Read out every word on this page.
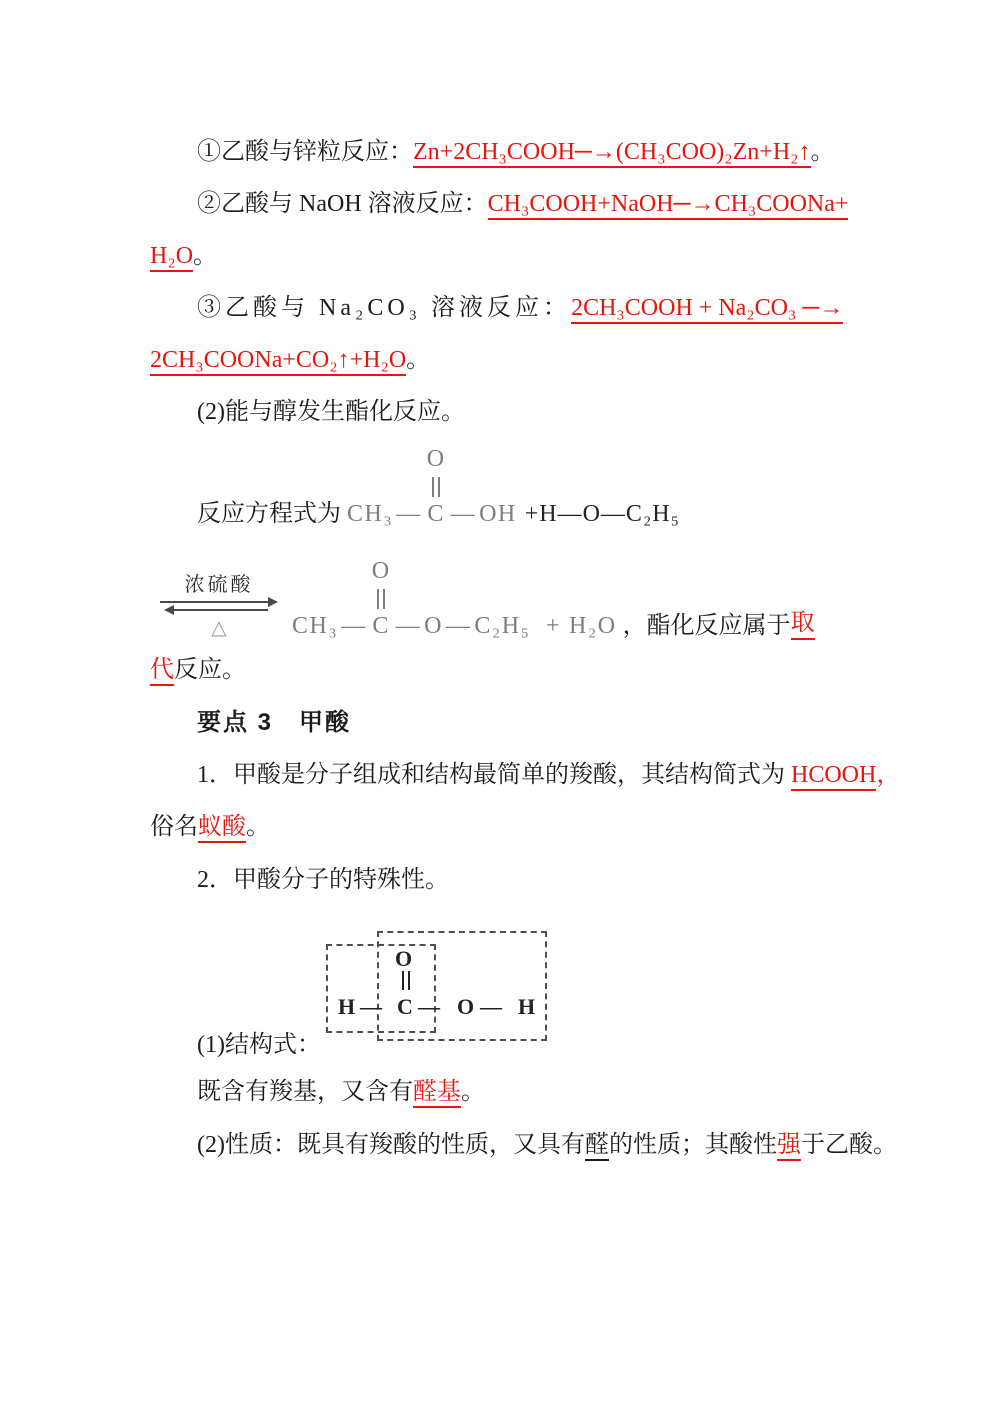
①乙酸与锌粒反应：Zn+2CH₃COOH─→(CH₃COO)₂Zn+H₂↑。
②乙酸与 NaOH 溶液反应：CH₃COOH+NaOH─→CH₃COONa+
H₂O。
③乙酸与 Na₂CO₃ 溶液反应：2CH₃COOH + Na₂CO₃ ─→
2CH₃COONa+CO₂↑+H₂O。
(2)能与醇发生酯化反应。
反应方程式为 CH₃ —
O
C — OH +H—O—C₂H₅
浓硫酸
△	CH₃ —
O
C — O — C₂H₅ + H₂O ，酯化反应属于 取
代反应。
要点 3　甲酸
1．甲酸是分子组成和结构最简单的羧酸，其结构简式为 HCOOH，
俗名蚁酸。
2．甲酸分子的特殊性。
O
C
H — — O — H
(1)结构式：
既含有羧基，又含有醛基。
(2)性质：既具有羧酸的性质，又具有醛的性质；其酸性强于乙酸。
